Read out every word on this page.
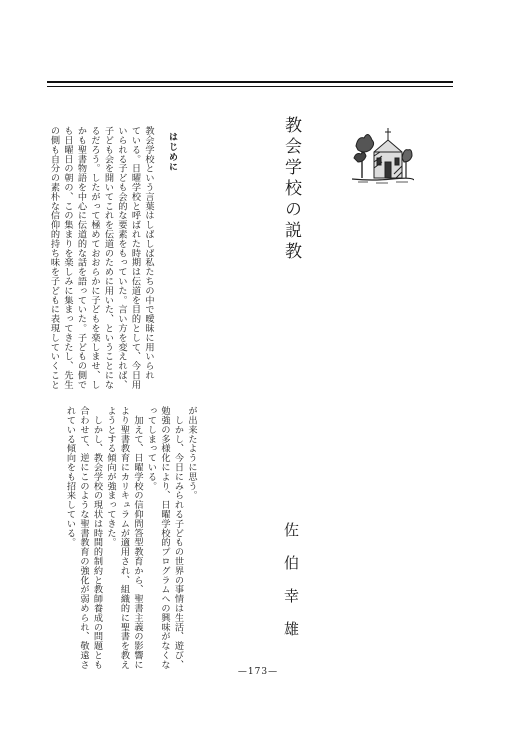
教会学校の説教
佐伯幸雄
はじめに

教会学校という言葉はしばしば私たちの中で曖昧に用いられ

ている。日曜学校と呼ばれた時期は伝道を目的として、今日用

いられる子ども会的な要素をもっていた。言い方を変えれば、

子ども会を開いてこれを伝道のために用いた、ということにな

るだろう。したがって極めておおらかに子どもを楽しませ、し

かも聖書物語を中心に伝道的な話を語っていた。子どもの側で

も日曜日の朝の、この集まりを楽しみに集まってきたし、先生

の側も自分の素朴な信仰的持ち味を子どもに表現していくこと

が出来たように思う。

　しかし、今日にみられる子どもの世界の事情は生活、遊び、

勉強の多様化により、日曜学校的プログラムへの興味がなくな

ってしまっている。

　加えて、日曜学校の信仰問答型教育から、聖書主義の影響に

より聖書教育にカリキュラムが適用され、組織的に聖書を教え

ようとする傾向が強まってきた。

　しかし、教会学校の現状は時間的制約と教師養成の問題とも

合わせて、逆にこのような聖書教育の強化が弱められ、敬遠さ

れている傾向をも招来している。

—173—
